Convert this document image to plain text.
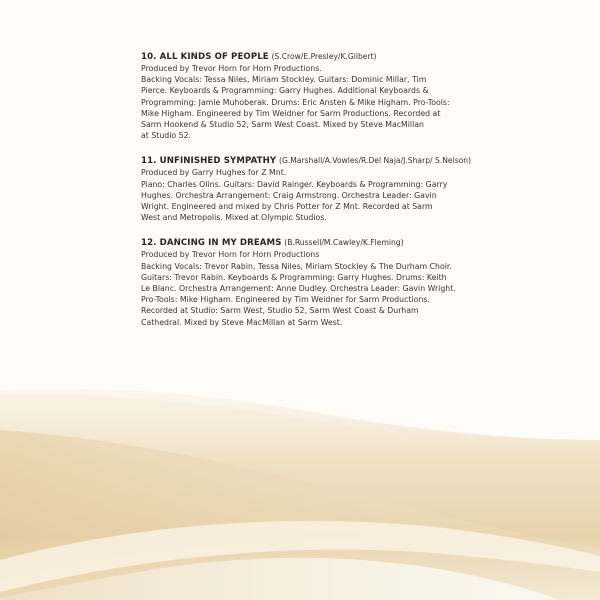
10. ALL KINDS OF PEOPLE (S.Crow/E.Presley/K.Gilbert)
Produced by Trevor Horn for Horn Productions.
Backing Vocals: Tessa Niles, Miriam Stockley. Guitars: Dominic Millar, Tim
Pierce. Keyboards & Programming: Garry Hughes. Additional Keyboards &
Programming: Jamie Muhoberak. Drums: Eric Ansten & Mike Higham. Pro-Tools:
Mike Higham. Engineered by Tim Weidner for Sarm Productions. Recorded at
Sarm Hookend & Studio 52, Sarm West Coast. Mixed by Steve MacMillan
at Studio 52.
11. UNFINISHED SYMPATHY (G.Marshall/A.Vowles/R.Del Naja/J.Sharp/ S.Nelson)
Produced by Garry Hughes for Z Mnt.
Piano: Charles Olins. Guitars: David Rainger. Keyboards & Programming: Garry
Hughes. Orchestra Arrangement: Craig Armstrong. Orchestra Leader: Gavin
Wright. Engineered and mixed by Chris Potter for Z Mnt. Recorded at Sarm
West and Metropolis. Mixed at Olympic Studios.
12. DANCING IN MY DREAMS (B.Russell/M.Cawley/K.Fleming)
Produced by Trevor Horn for Horn Productions
Backing Vocals: Trevor Rabin, Tessa Niles, Miriam Stockley & The Durham Choir.
Guitars: Trevor Rabin. Keyboards & Programming: Garry Hughes. Drums: Keith
Le Blanc. Orchestra Arrangement: Anne Dudley. Orchestra Leader: Gavin Wright.
Pro-Tools: Mike Higham. Engineered by Tim Weidner for Sarm Productions.
Recorded at Studio: Sarm West, Studio 52, Sarm West Coast & Durham
Cathedral. Mixed by Steve MacMillan at Sarm West.
